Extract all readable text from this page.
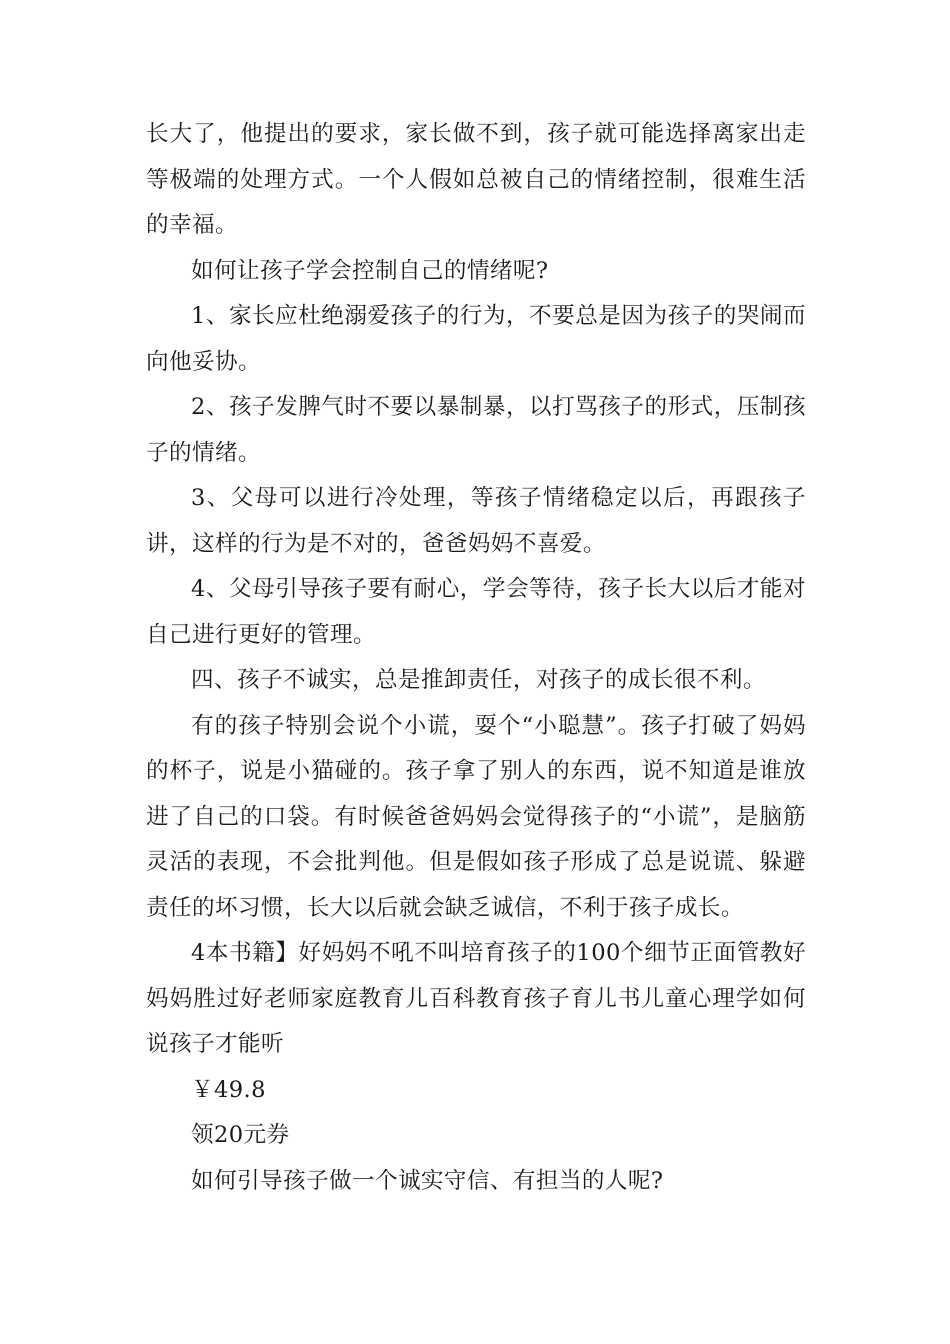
长大了，他提出的要求，家长做不到，孩子就可能选择离家出走等极端的处理方式。一个人假如总被自己的情绪控制，很难生活的幸福。

如何让孩子学会控制自己的情绪呢?

1、家长应杜绝溺爱孩子的行为，不要总是因为孩子的哭闹而向他妥协。

2、孩子发脾气时不要以暴制暴，以打骂孩子的形式，压制孩子的情绪。

3、父母可以进行冷处理，等孩子情绪稳定以后，再跟孩子讲，这样的行为是不对的，爸爸妈妈不喜爱。

4、父母引导孩子要有耐心，学会等待，孩子长大以后才能对自己进行更好的管理。

四、孩子不诚实，总是推卸责任，对孩子的成长很不利。

有的孩子特别会说个小谎，耍个“小聪慧”。孩子打破了妈妈的杯子，说是小猫碰的。孩子拿了别人的东西，说不知道是谁放进了自己的口袋。有时候爸爸妈妈会觉得孩子的“小谎”，是脑筋灵活的表现，不会批判他。但是假如孩子形成了总是说谎、躲避责任的坏习惯，长大以后就会缺乏诚信，不利于孩子成长。

4本书籍】好妈妈不吼不叫培育孩子的100个细节正面管教好妈妈胜过好老师家庭教育儿百科教育孩子育儿书儿童心理学如何说孩子才能听

￥49.8

领20元券

如何引导孩子做一个诚实守信、有担当的人呢?
